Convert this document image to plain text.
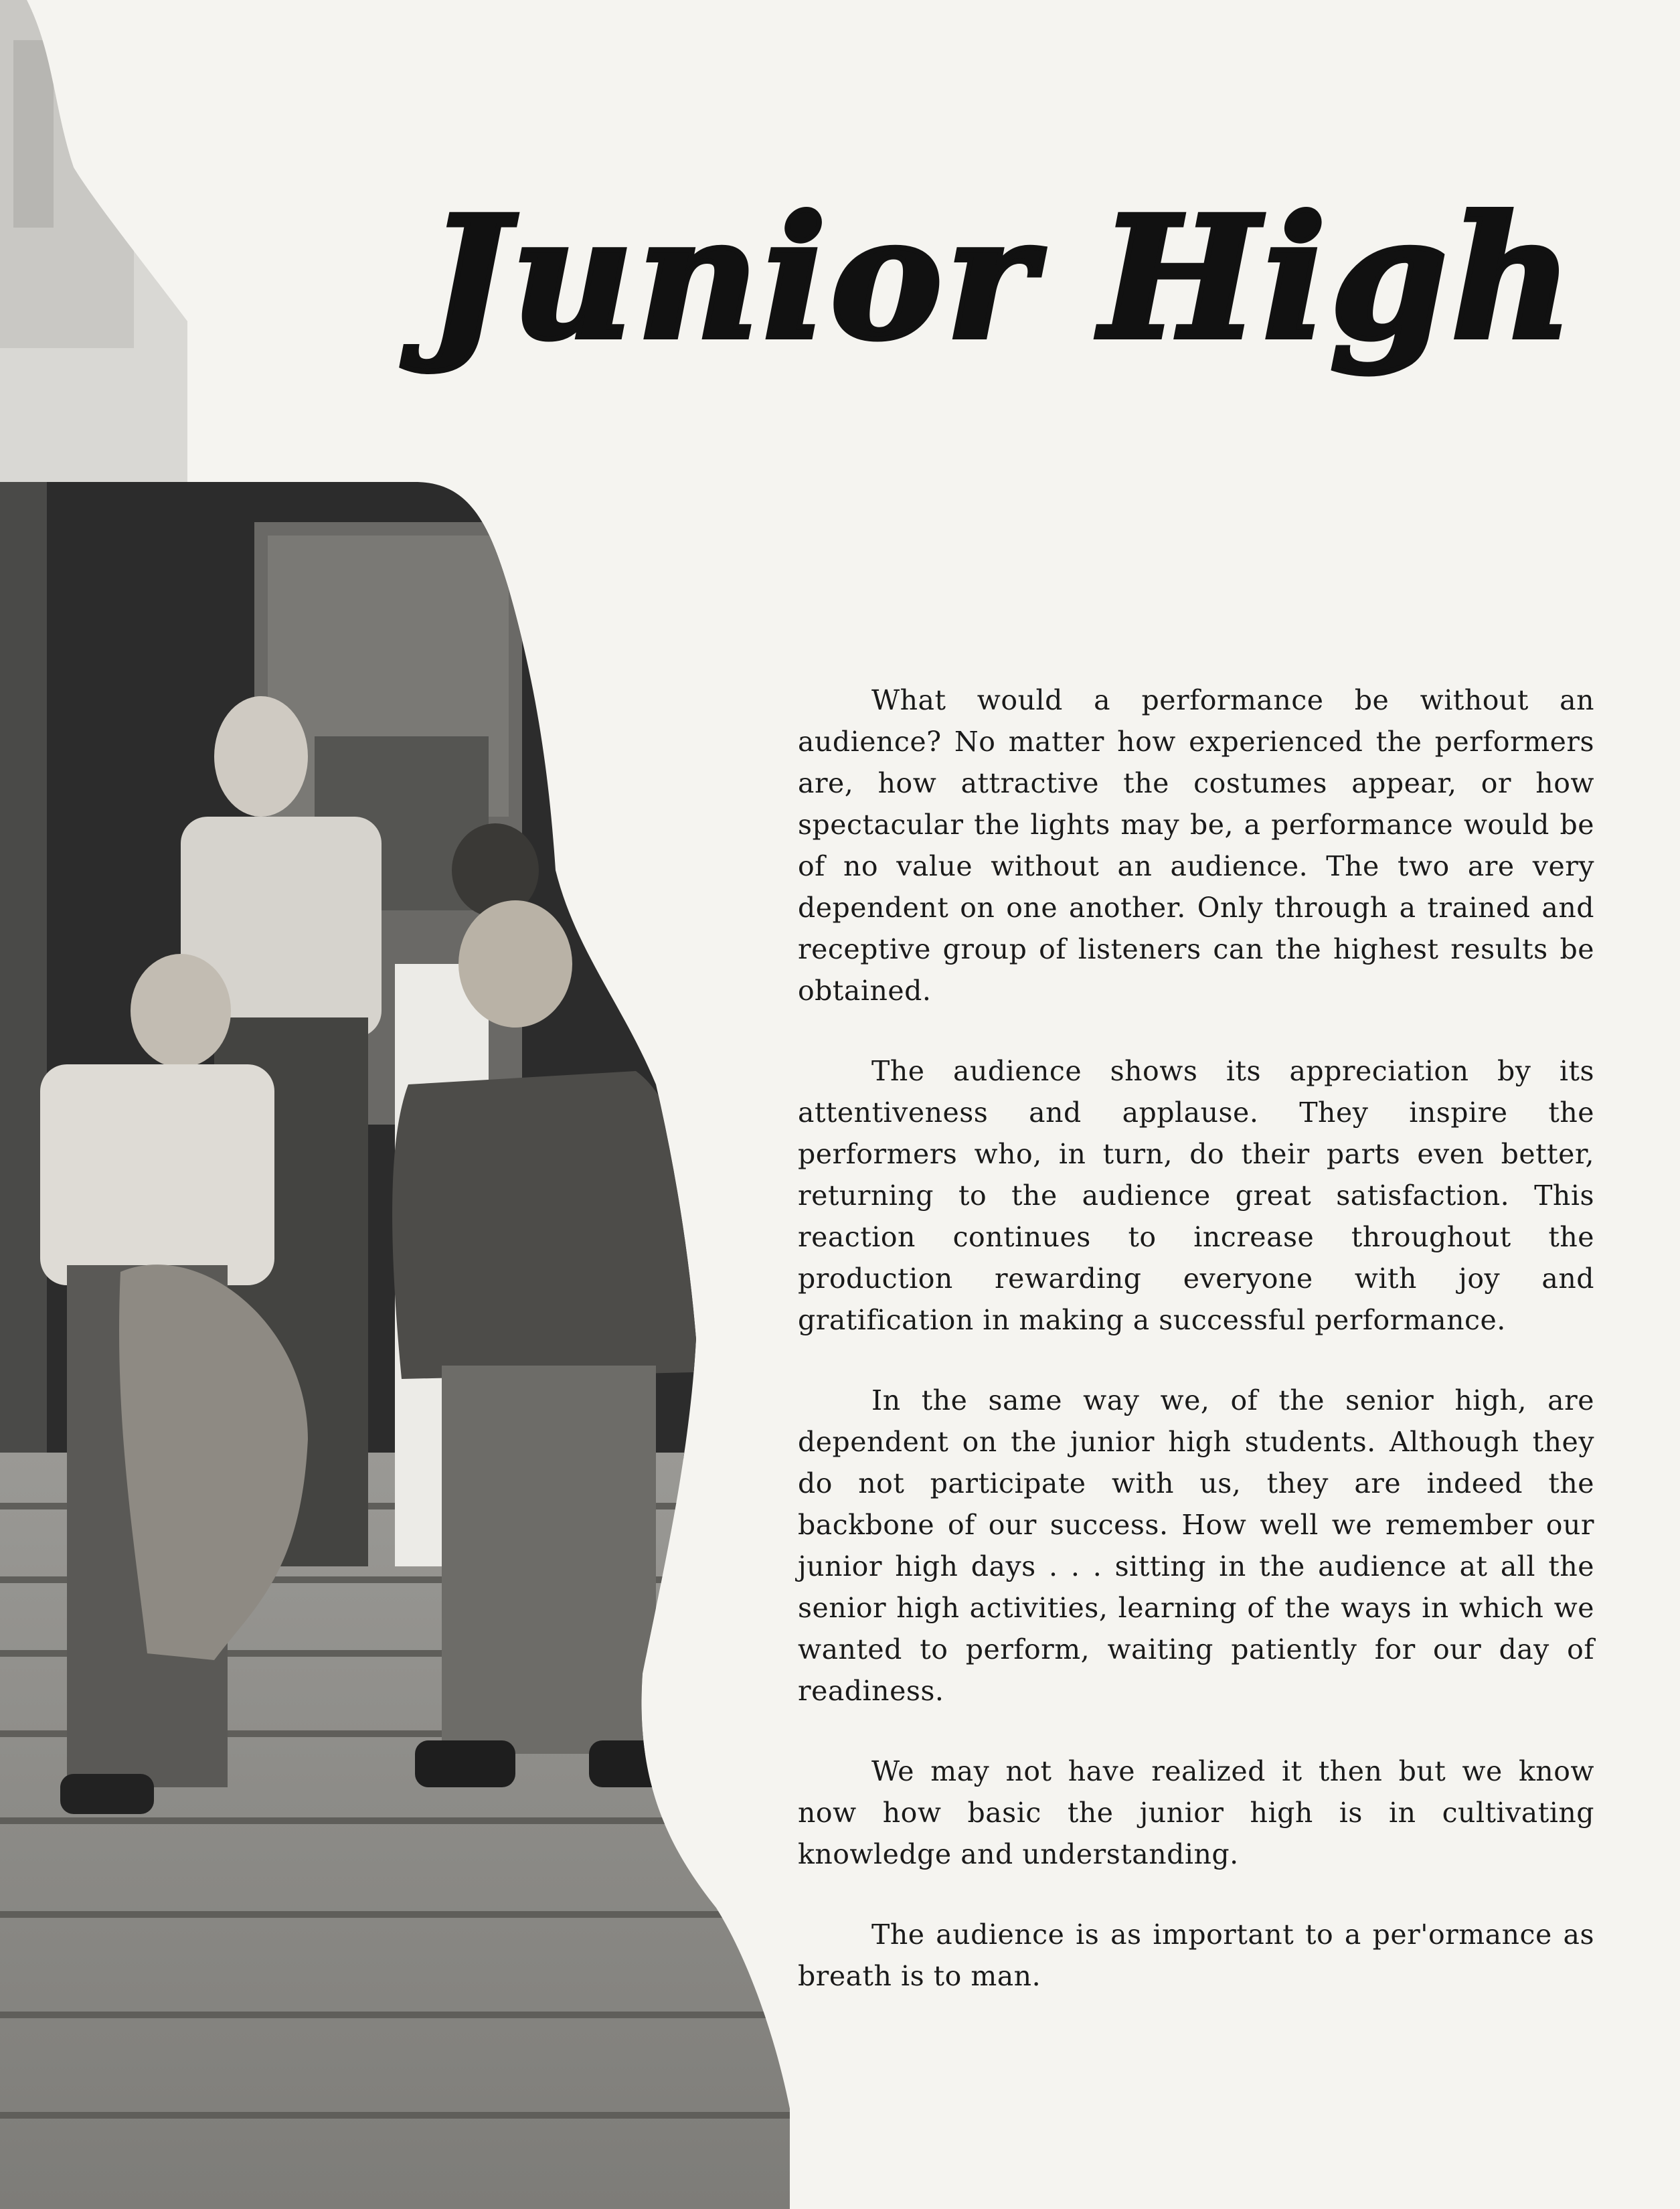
Junior High

What would a performance be without an audience? No matter how experienced the performers are, how attractive the costumes appear, or how spectacular the lights may be, a performance would be of no value without an audience. The two are very dependent on one another. Only through a trained and receptive group of listeners can the highest results be obtained.

The audience shows its appreciation by its attentiveness and applause. They inspire the performers who, in turn, do their parts even better, returning to the audience great satisfaction. This reaction continues to increase throughout the production rewarding everyone with joy and gratification in making a successful performance.

In the same way we, of the senior high, are dependent on the junior high students. Although they do not participate with us, they are indeed the backbone of our success. How well we remember our junior high days . . . sitting in the audience at all the senior high activities, learning of the ways in which we wanted to perform, waiting patiently for our day of readiness.

We may not have realized it then but we know now how basic the junior high is in cultivating knowledge and understanding.

The audience is as important to a per'ormance as breath is to man.
